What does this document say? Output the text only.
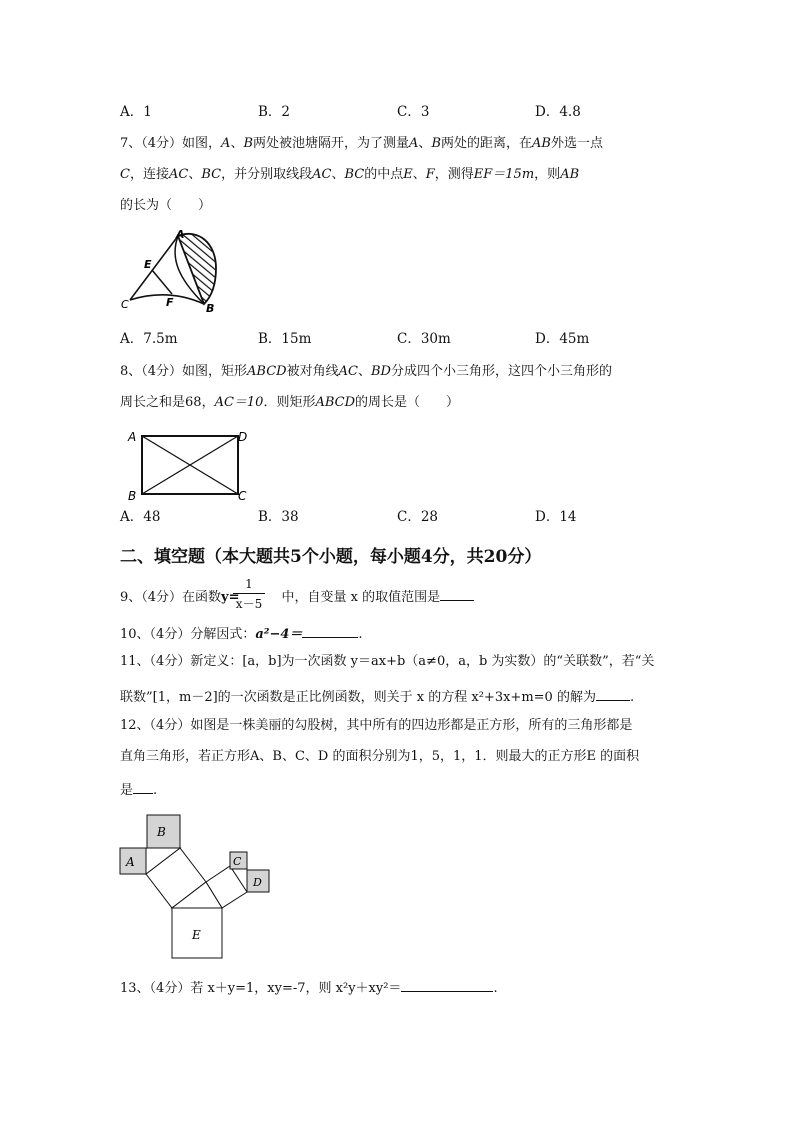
A．1	B．2	C．3	D．4.8
7、（4分）如图，A、B两处被池塘隔开，为了测量A、B两处的距离，在AB外选一点
C，连接AC、BC，并分别取线段AC、BC的中点E、F，测得EF＝15m，则AB
的长为（　　）
A
E
C	F	B
A．7.5m	B．15m	C．30m	D．45m
8、（4分）如图，矩形ABCD被对角线AC、BD分成四个小三角形，这四个小三角形的
周长之和是68，AC＝10．则矩形ABCD的周长是（　　）
A	D
B	C
A．48	B．38	C．28	D．14
二、填空题（本大题共5个小题，每小题4分，共20分）
9、（4分）在函数y=	中，自变量 x 的取值范围是
1
x－5
10、（4分）分解因式：a²−4＝	.
11、（4分）新定义：[a，b]为一次函数 y＝ax+b（a≠0，a，b 为实数）的“关联数”，若“关
联数”[1，m－2]的一次函数是正比例函数，则关于 x 的方程 x²+3x+m=0 的解为	.
12、（4分）如图是一株美丽的勾股树，其中所有的四边形都是正方形，所有的三角形都是
直角三角形，若正方形A、B、C、D 的面积分别为1，5，1，1．则最大的正方形E 的面积
是 .
B
A	C
D
E
13、（4分）若 x＋y=1，xy=-7，则 x²y＋xy²＝	.
